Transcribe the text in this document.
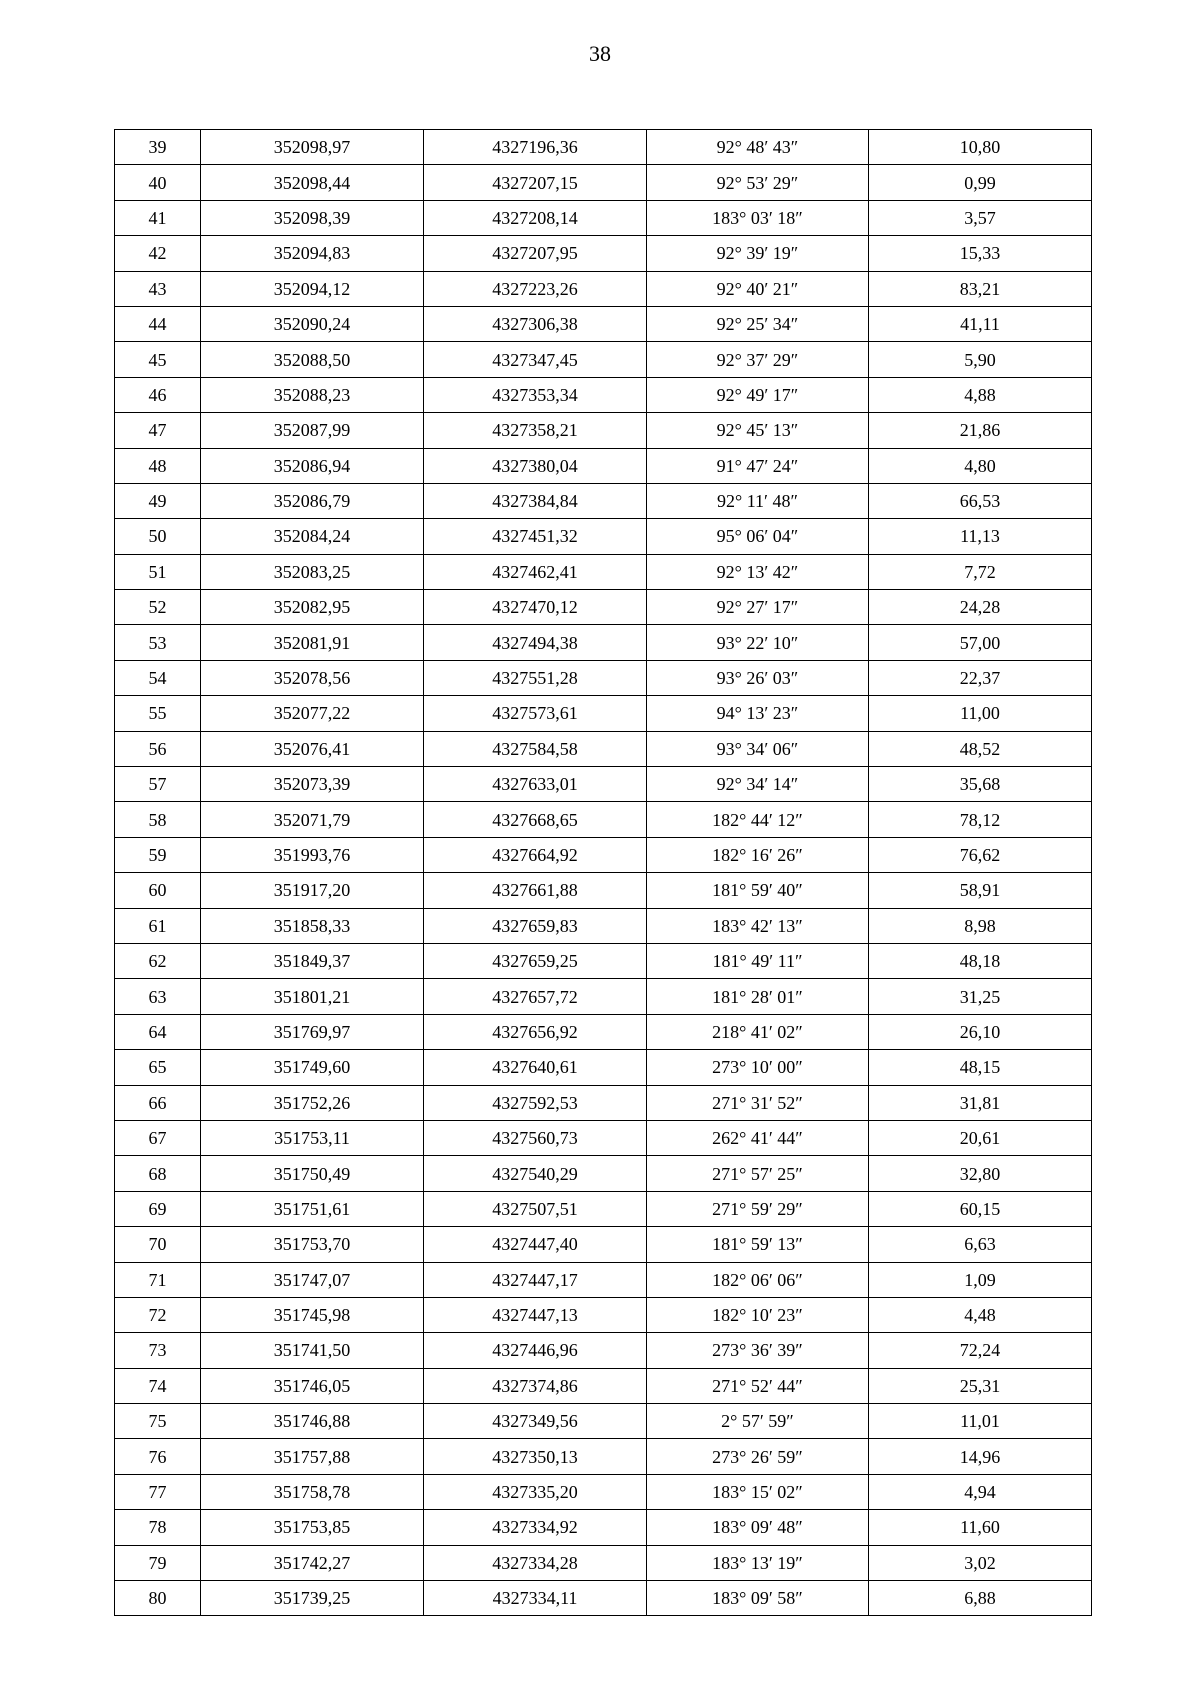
38
39	352098,97	4327196,36	92° 48′ 43″	10,80
40	352098,44	4327207,15	92° 53′ 29″	0,99
41	352098,39	4327208,14	183° 03′ 18″	3,57
42	352094,83	4327207,95	92° 39′ 19″	15,33
43	352094,12	4327223,26	92° 40′ 21″	83,21
44	352090,24	4327306,38	92° 25′ 34″	41,11
45	352088,50	4327347,45	92° 37′ 29″	5,90
46	352088,23	4327353,34	92° 49′ 17″	4,88
47	352087,99	4327358,21	92° 45′ 13″	21,86
48	352086,94	4327380,04	91° 47′ 24″	4,80
49	352086,79	4327384,84	92° 11′ 48″	66,53
50	352084,24	4327451,32	95° 06′ 04″	11,13
51	352083,25	4327462,41	92° 13′ 42″	7,72
52	352082,95	4327470,12	92° 27′ 17″	24,28
53	352081,91	4327494,38	93° 22′ 10″	57,00
54	352078,56	4327551,28	93° 26′ 03″	22,37
55	352077,22	4327573,61	94° 13′ 23″	11,00
56	352076,41	4327584,58	93° 34′ 06″	48,52
57	352073,39	4327633,01	92° 34′ 14″	35,68
58	352071,79	4327668,65	182° 44′ 12″	78,12
59	351993,76	4327664,92	182° 16′ 26″	76,62
60	351917,20	4327661,88	181° 59′ 40″	58,91
61	351858,33	4327659,83	183° 42′ 13″	8,98
62	351849,37	4327659,25	181° 49′ 11″	48,18
63	351801,21	4327657,72	181° 28′ 01″	31,25
64	351769,97	4327656,92	218° 41′ 02″	26,10
65	351749,60	4327640,61	273° 10′ 00″	48,15
66	351752,26	4327592,53	271° 31′ 52″	31,81
67	351753,11	4327560,73	262° 41′ 44″	20,61
68	351750,49	4327540,29	271° 57′ 25″	32,80
69	351751,61	4327507,51	271° 59′ 29″	60,15
70	351753,70	4327447,40	181° 59′ 13″	6,63
71	351747,07	4327447,17	182° 06′ 06″	1,09
72	351745,98	4327447,13	182° 10′ 23″	4,48
73	351741,50	4327446,96	273° 36′ 39″	72,24
74	351746,05	4327374,86	271° 52′ 44″	25,31
75	351746,88	4327349,56	2° 57′ 59″	11,01
76	351757,88	4327350,13	273° 26′ 59″	14,96
77	351758,78	4327335,20	183° 15′ 02″	4,94
78	351753,85	4327334,92	183° 09′ 48″	11,60
79	351742,27	4327334,28	183° 13′ 19″	3,02
80	351739,25	4327334,11	183° 09′ 58″	6,88
